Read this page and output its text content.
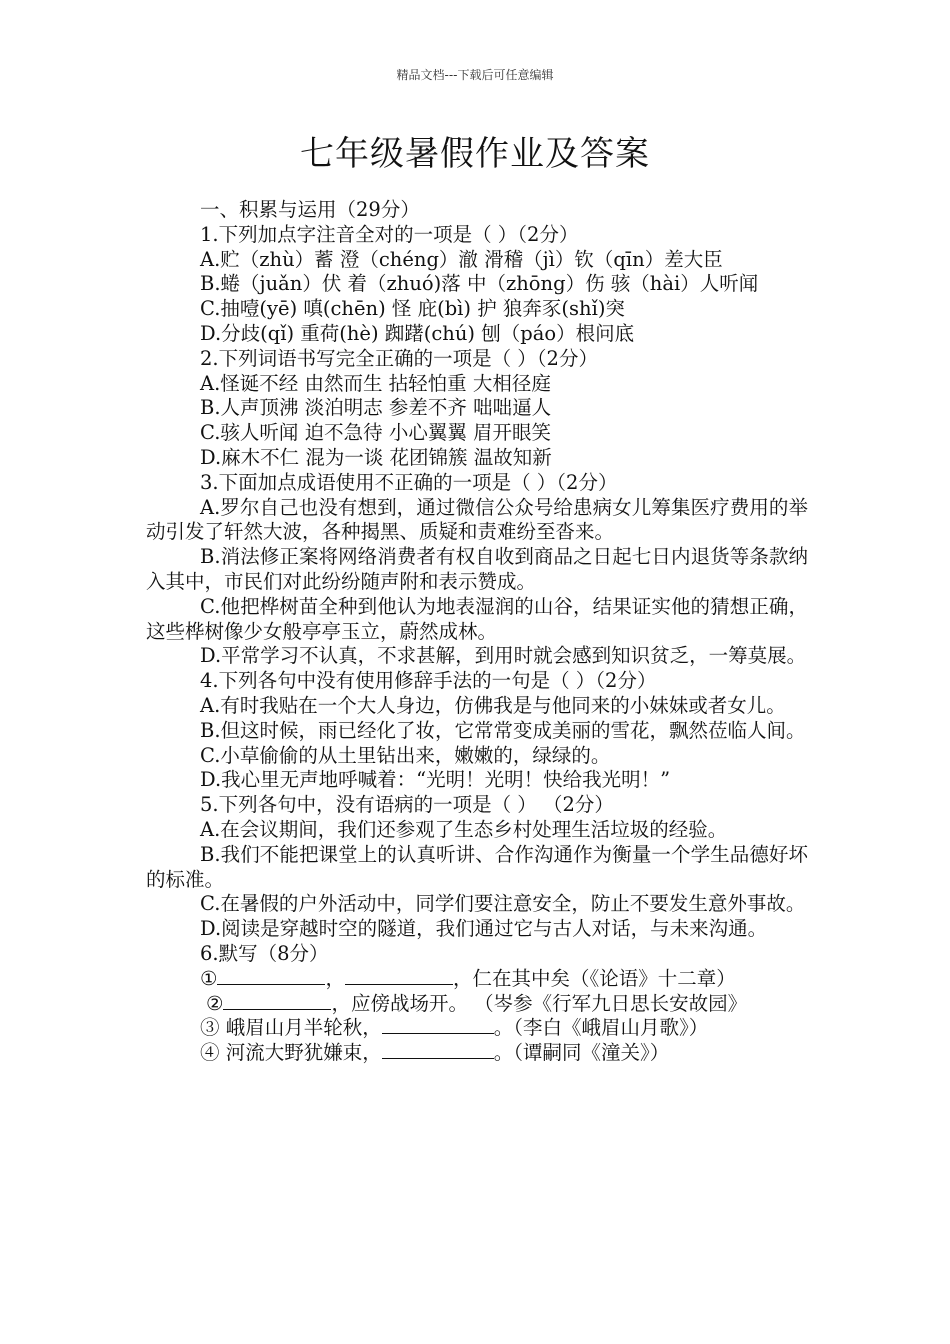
精品文档---下载后可任意编辑
七年级暑假作业及答案
一、积累与运用（29分）
1.下列加点字注音全对的一项是（ ）（2分）
A.贮（zhù）蓄 澄（chéng）澈 滑稽（jì）钦（qīn）差大臣
B.蜷（juǎn）伏 着（zhuó)落 中（zhōng）伤 骇（hài）人听闻
C.抽噎(yē) 嗔(chēn) 怪 庇(bì) 护 狼奔豕(shǐ)突
D.分歧(qǐ) 重荷(hè) 踟躇(chú) 刨（páo）根问底
2.下列词语书写完全正确的一项是（ ）（2分）
A.怪诞不经 由然而生 拈轻怕重 大相径庭
B.人声顶沸 淡泊明志 参差不齐 咄咄逼人
C.骇人听闻 迫不急待 小心翼翼 眉开眼笑
D.麻木不仁 混为一谈 花团锦簇 温故知新
3.下面加点成语使用不正确的一项是（ ）（2分）
A.罗尔自己也没有想到，通过微信公众号给患病女儿筹集医疗费用的举动引发了轩然大波，各种揭黑、质疑和责难纷至沓来。
B.消法修正案将网络消费者有权自收到商品之日起七日内退货等条款纳入其中，市民们对此纷纷随声附和表示赞成。
C.他把桦树苗全种到他认为地表湿润的山谷，结果证实他的猜想正确，这些桦树像少女般亭亭玉立，蔚然成林。
D.平常学习不认真，不求甚解，到用时就会感到知识贫乏，一筹莫展。
4.下列各句中没有使用修辞手法的一句是（ ）（2分）
A.有时我贴在一个大人身边，仿佛我是与他同来的小妹妹或者女儿。
B.但这时候，雨已经化了妆，它常常变成美丽的雪花，飘然莅临人间。
C.小草偷偷的从土里钻出来，嫩嫩的，绿绿的。
D.我心里无声地呼喊着：“光明！光明！快给我光明！”
5.下列各句中，没有语病的一项是（ ） （2分）
A.在会议期间，我们还参观了生态乡村处理生活垃圾的经验。
B.我们不能把课堂上的认真听讲、合作沟通作为衡量一个学生品德好坏的标准。
C.在暑假的户外活动中，同学们要注意安全，防止不要发生意外事故。
D.阅读是穿越时空的隧道，我们通过它与古人对话，与未来沟通。
6.默写（8分）
①	，	，仁在其中矣（《论语》十二章）
②	，应傍战场开。 （岑参《行军九日思长安故园》
③ 峨眉山月半轮秋，	。（李白《峨眉山月歌》）
④ 河流大野犹嫌束，	。（谭嗣同《潼关》）
